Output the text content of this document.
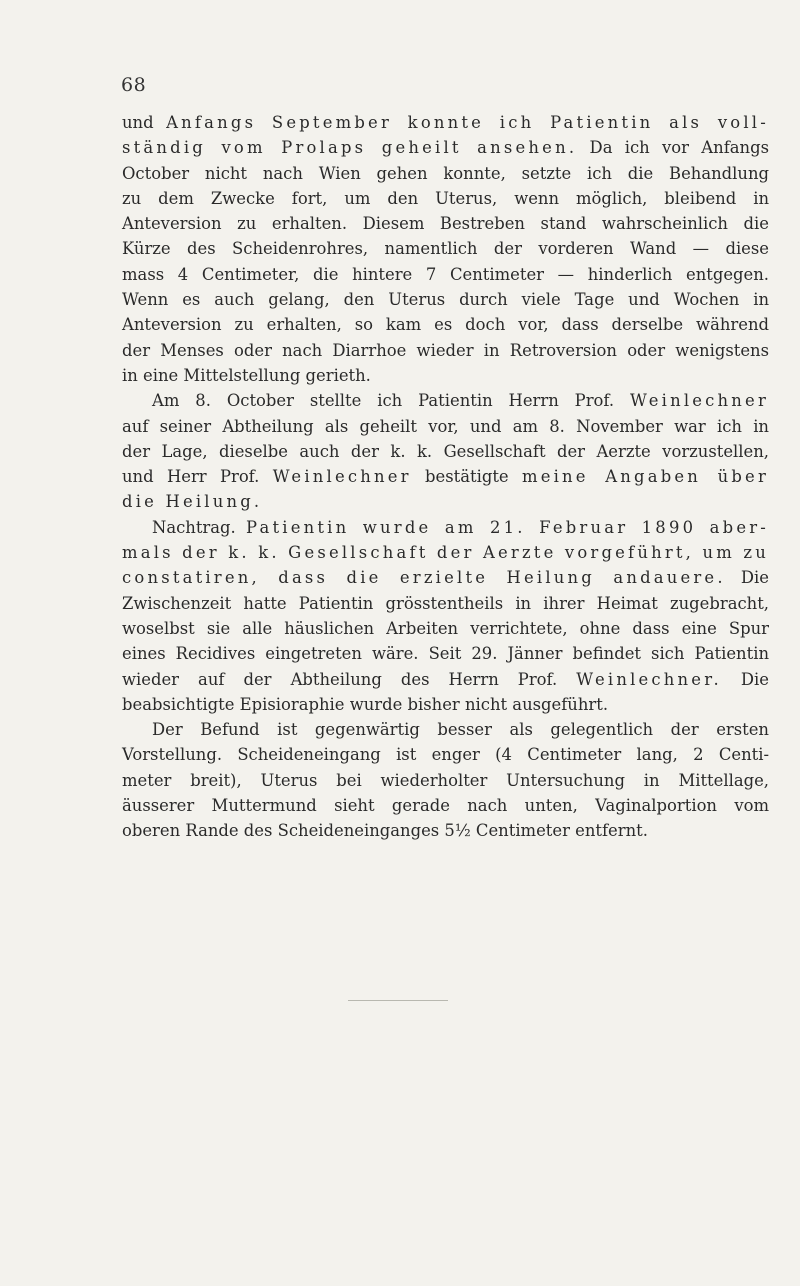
68
und Anfangs September konnte ich Patientin als voll-
ständig vom Prolaps geheilt ansehen. Da ich vor Anfangs
October nicht nach Wien gehen konnte, setzte ich die Behandlung
zu dem Zwecke fort, um den Uterus, wenn möglich, bleibend in
Anteversion zu erhalten. Diesem Bestreben stand wahrscheinlich die
Kürze des Scheidenrohres, namentlich der vorderen Wand — diese
mass 4 Centimeter, die hintere 7 Centimeter — hinderlich entgegen.
Wenn es auch gelang, den Uterus durch viele Tage und Wochen in
Anteversion zu erhalten, so kam es doch vor, dass derselbe während
der Menses oder nach Diarrhoe wieder in Retroversion oder wenigstens
in eine Mittelstellung gerieth.
Am 8. October stellte ich Patientin Herrn Prof. Weinlechner
auf seiner Abtheilung als geheilt vor, und am 8. November war ich in
der Lage, dieselbe auch der k. k. Gesellschaft der Aerzte vorzustellen,
und Herr Prof. Weinlechner bestätigte meine Angaben über
die Heilung.
Nachtrag. Patientin wurde am 21. Februar 1890 aber-
mals der k. k. Gesellschaft der Aerzte vorgeführt, um zu
constatiren, dass die erzielte Heilung andauere. Die
Zwischenzeit hatte Patientin grösstentheils in ihrer Heimat zugebracht,
woselbst sie alle häuslichen Arbeiten verrichtete, ohne dass eine Spur
eines Recidives eingetreten wäre. Seit 29. Jänner befindet sich Patientin
wieder auf der Abtheilung des Herrn Prof. Weinlechner. Die
beabsichtigte Episioraphie wurde bisher nicht ausgeführt.
Der Befund ist gegenwärtig besser als gelegentlich der ersten
Vorstellung. Scheideneingang ist enger (4 Centimeter lang, 2 Centi-
meter breit), Uterus bei wiederholter Untersuchung in Mittellage,
äusserer Muttermund sieht gerade nach unten, Vaginalportion vom
oberen Rande des Scheideneinganges 5½ Centimeter entfernt.
